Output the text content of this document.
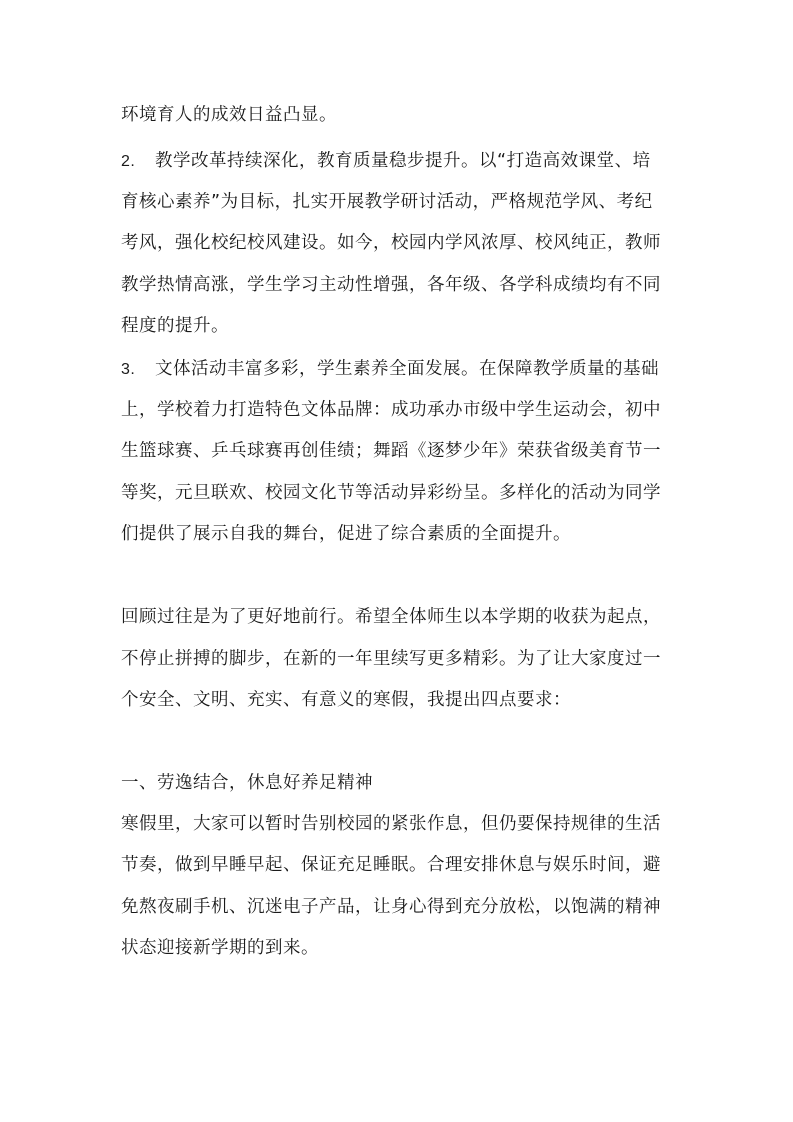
环境育人的成效日益凸显。

2. 教学改革持续深化，教育质量稳步提升。以“打造高效课堂、培

育核心素养”为目标，扎实开展教学研讨活动，严格规范学风、考纪

考风，强化校纪校风建设。如今，校园内学风浓厚、校风纯正，教师

教学热情高涨，学生学习主动性增强，各年级、各学科成绩均有不同

程度的提升。

3. 文体活动丰富多彩，学生素养全面发展。在保障教学质量的基础

上，学校着力打造特色文体品牌：成功承办市级中学生运动会，初中

生篮球赛、乒乓球赛再创佳绩；舞蹈《逐梦少年》荣获省级美育节一

等奖，元旦联欢、校园文化节等活动异彩纷呈。多样化的活动为同学

们提供了展示自我的舞台，促进了综合素质的全面提升。

回顾过往是为了更好地前行。希望全体师生以本学期的收获为起点，

不停止拼搏的脚步，在新的一年里续写更多精彩。为了让大家度过一

个安全、文明、充实、有意义的寒假，我提出四点要求：

一、劳逸结合，休息好养足精神

寒假里，大家可以暂时告别校园的紧张作息，但仍要保持规律的生活

节奏，做到早睡早起、保证充足睡眠。合理安排休息与娱乐时间，避

免熬夜刷手机、沉迷电子产品，让身心得到充分放松，以饱满的精神

状态迎接新学期的到来。
